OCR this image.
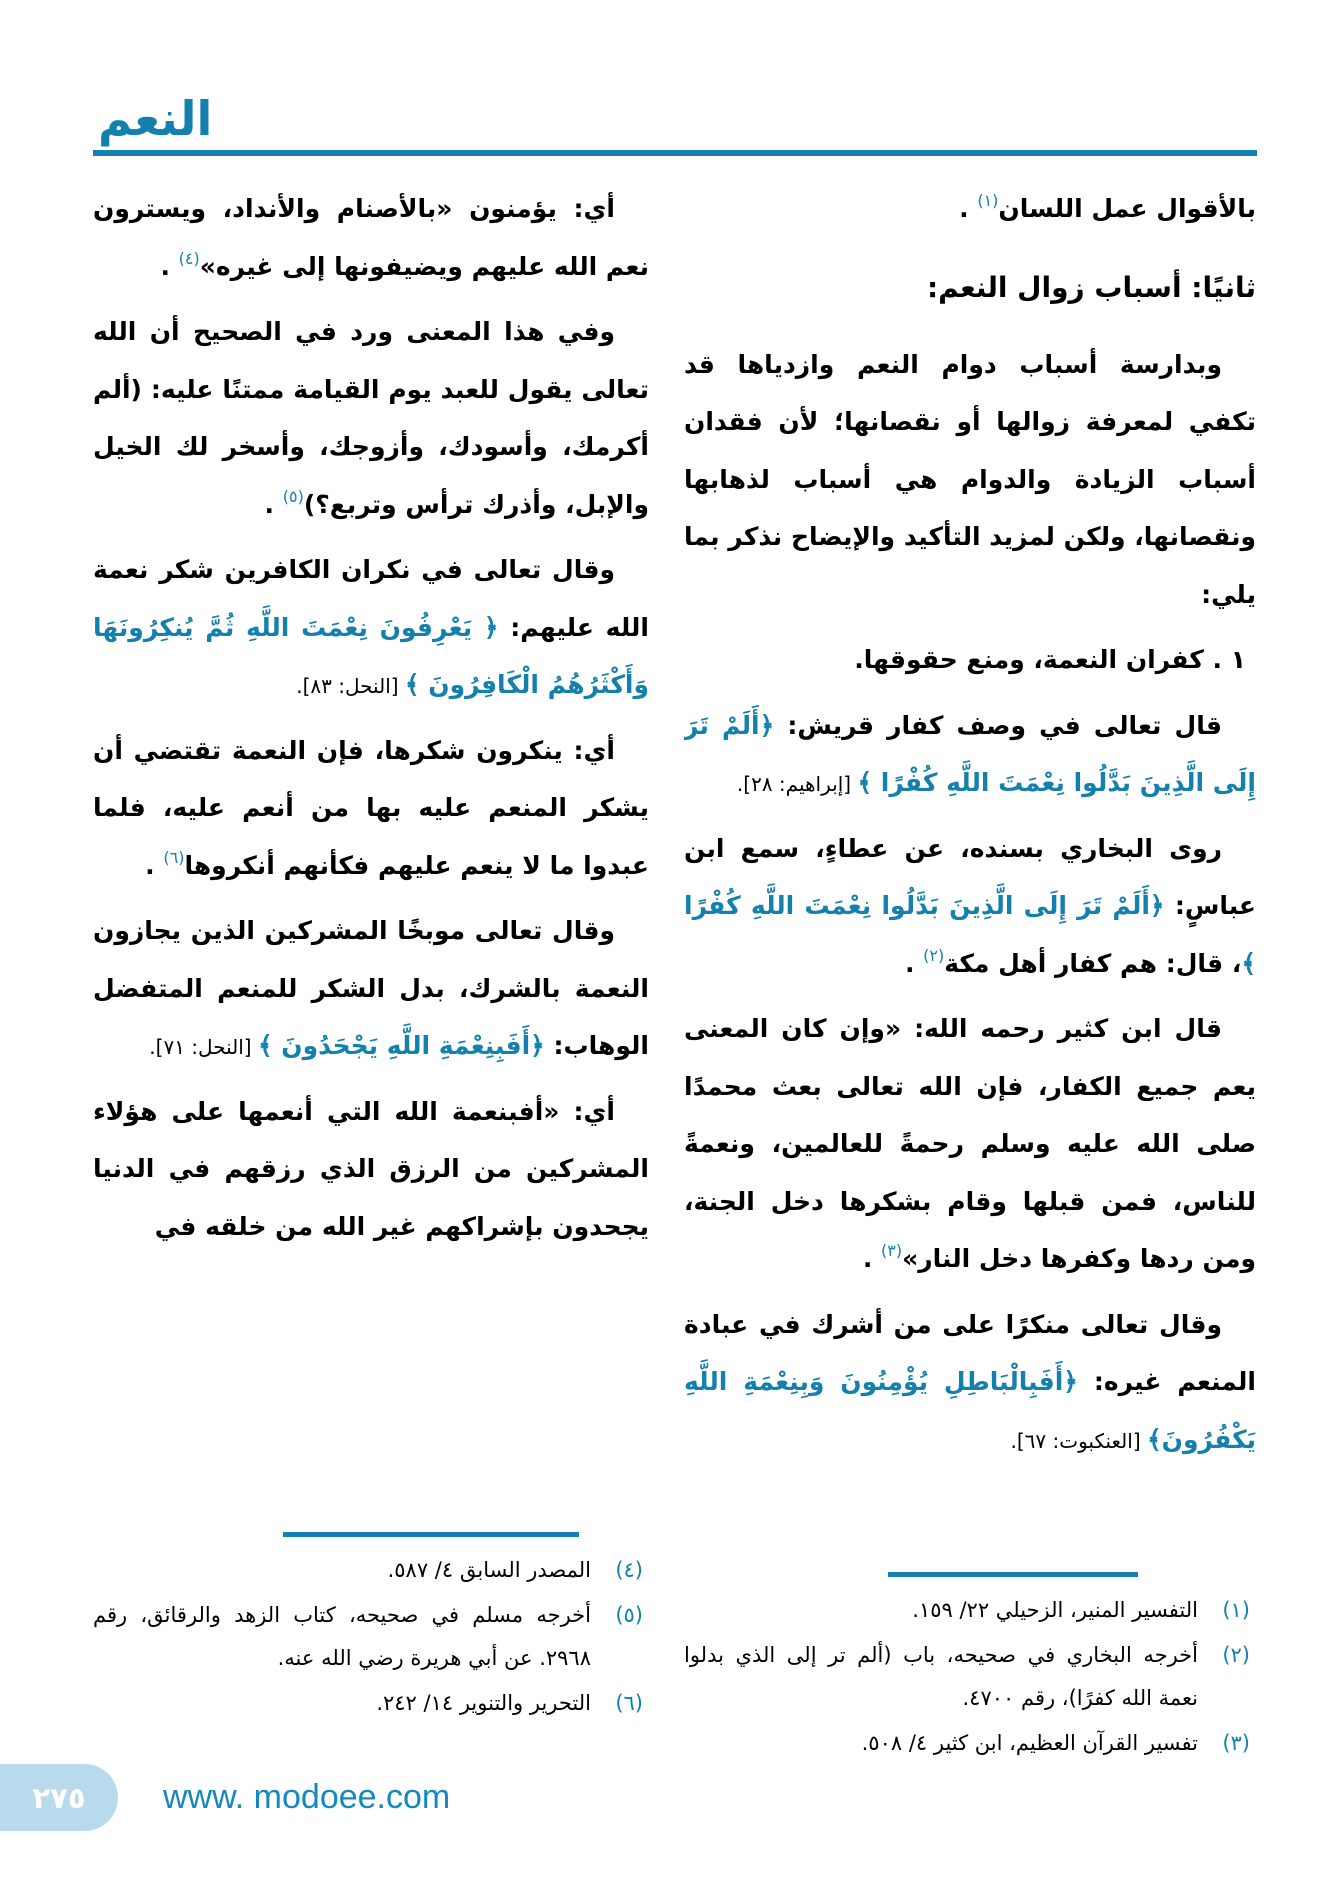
النعم
بالأقوال عمل اللسان$^{(١)}$ .
ثانيًا: أسباب زوال النعم:
وبدارسة أسباب دوام النعم وازدياها قد تكفي لمعرفة زوالها أو نقصانها؛ لأن فقدان أسباب الزيادة والدوام هي أسباب لذهابها ونقصانها، ولكن لمزيد التأكيد والإيضاح نذكر بما يلي:
١ . كفران النعمة، ومنع حقوقها.
قال تعالى في وصف كفار قريش: ﴿أَلَمْ تَرَ إِلَى الَّذِينَ بَدَّلُوا نِعْمَتَ اللَّهِ كُفْرًا ﴾ [إبراهيم: ٢٨].
روى البخاري بسنده، عن عطاءٍ، سمع ابن عباسٍ: ﴿أَلَمْ تَرَ إِلَى الَّذِينَ بَدَّلُوا نِعْمَتَ اللَّهِ كُفْرًا ﴾، قال: هم كفار أهل مكة$^{(٢)}$ .
قال ابن كثير رحمه الله: «وإن كان المعنى يعم جميع الكفار، فإن الله تعالى بعث محمدًا صلى الله عليه وسلم رحمةً للعالمين، ونعمةً للناس، فمن قبلها وقام بشكرها دخل الجنة، ومن ردها وكفرها دخل النار»$^{(٣)}$ .
وقال تعالى منكرًا على من أشرك في عبادة المنعم غيره: ﴿أَفَبِالْبَاطِلِ يُؤْمِنُونَ وَبِنِعْمَةِ اللَّهِ يَكْفُرُونَ﴾ [العنكبوت: ٦٧].
(١)
التفسير المنير، الزحيلي ٢٢/ ١٥٩.
(٢)
أخرجه البخاري في صحيحه، باب (ألم تر إلى الذي بدلوا نعمة الله كفرًا)، رقم ٤٧٠٠.
(٣)
تفسير القرآن العظيم، ابن كثير ٤/ ٥٠٨.
أي: يؤمنون «بالأصنام والأنداد، ويسترون نعم الله عليهم ويضيفونها إلى غيره»$^{(٤)}$ .
وفي هذا المعنى ورد في الصحيح أن الله تعالى يقول للعبد يوم القيامة ممتنًا عليه: (ألم أكرمك، وأسودك، وأزوجك، وأسخر لك الخيل والإبل، وأذرك ترأس وتربع؟)$^{(٥)}$ .
وقال تعالى في نكران الكافرين شكر نعمة الله عليهم: ﴿ يَعْرِفُونَ نِعْمَتَ اللَّهِ ثُمَّ يُنكِرُونَهَا وَأَكْثَرُهُمُ الْكَافِرُونَ ﴾ [النحل: ٨٣].
أي: ينكرون شكرها، فإن النعمة تقتضي أن يشكر المنعم عليه بها من أنعم عليه، فلما عبدوا ما لا ينعم عليهم فكأنهم أنكروها$^{(٦)}$ .
وقال تعالى موبخًا المشركين الذين يجازون النعمة بالشرك، بدل الشكر للمنعم المتفضل الوهاب: ﴿أَفَبِنِعْمَةِ اللَّهِ يَجْحَدُونَ ﴾ [النحل: ٧١].
أي: «أفبنعمة الله التي أنعمها على هؤلاء المشركين من الرزق الذي رزقهم في الدنيا يجحدون بإشراكهم غير الله من خلقه في
(٤)
المصدر السابق ٤/ ٥٨٧.
(٥)
أخرجه مسلم في صحيحه، كتاب الزهد والرقائق، رقم ٢٩٦٨. عن أبي هريرة رضي الله عنه.
(٦)
التحرير والتنوير ١٤/ ٢٤٢.
٢٧٥ www. modoee.com
